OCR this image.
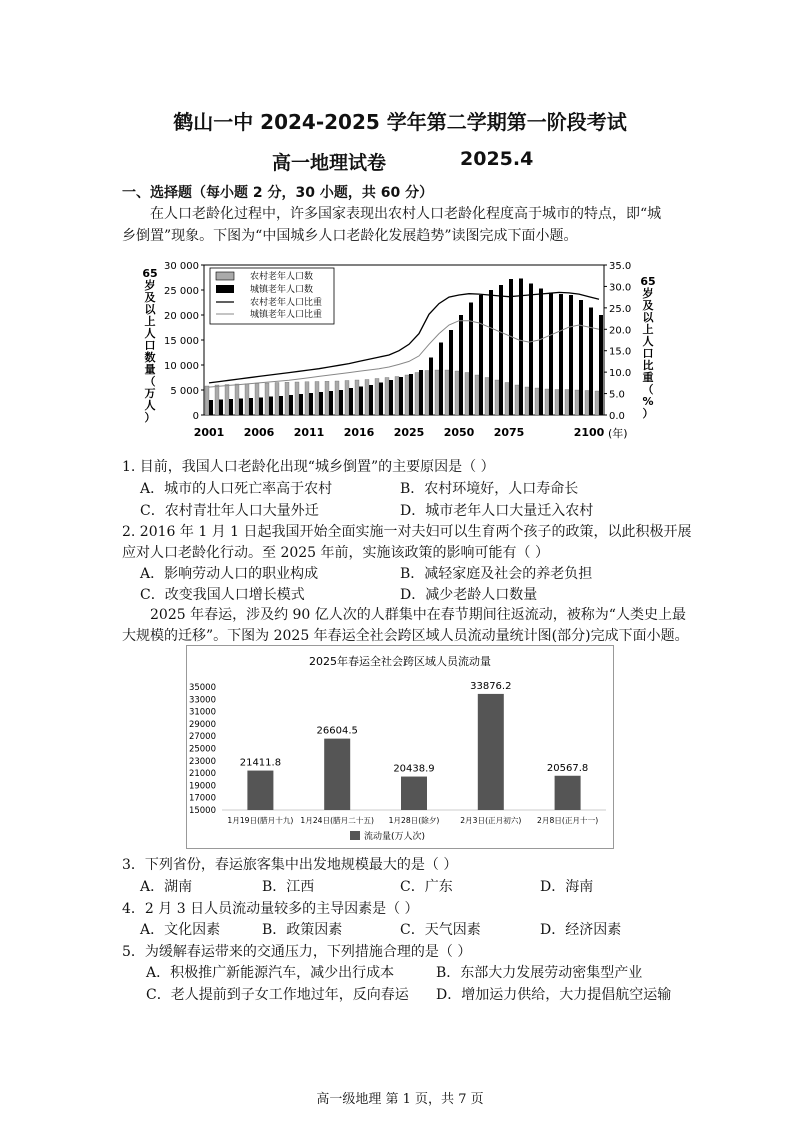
鹤山一中 2024-2025 学年第二学期第一阶段考试
高一地理试卷	2025.4
一、选择题（每小题 2 分，30 小题，共 60 分）
在人口老龄化过程中，许多国家表现出农村人口老龄化程度高于城市的特点，即“城
乡倒置”现象。下图为“中国城乡人口老龄化发展趋势”读图完成下面小题。
65
岁
及
以
上
人
口
数
量
（
万
人
）
65
岁
及
以
上
人
口
比
重
（
%
）
0
5 000
10 000
15 000
20 000
25 000
30 000
0.0
5.0
10.0
15.0
20.0
25.0
30.0
35.0
2001 2006 2011 2016 2025 2050 2075	2100
农村老年人口数
城镇老年人口数
农村老年人口比重
城镇老年人口比重
(年)
1. 目前，我国人口老龄化出现“城乡倒置”的主要原因是（ ）
A．城市的人口死亡率高于农村	B．农村环境好，人口寿命长
C．农村青壮年人口大量外迁	D．城市老年人口大量迁入农村
2. 2016 年 1 月 1 日起我国开始全面实施一对夫妇可以生育两个孩子的政策，以此积极开展
应对人口老龄化行动。至 2025 年前，实施该政策的影响可能有（ ）
A．影响劳动人口的职业构成	B．减轻家庭及社会的养老负担
C．改变我国人口增长模式	D．减少老龄人口数量
2025 年春运，涉及约 90 亿人次的人群集中在春节期间往返流动，被称为“人类史上最
大规模的迁移”。下图为 2025 年春运全社会跨区域人员流动量统计图(部分)完成下面小题。
2025年春运全社会跨区域人员流动量
15000
17000
19000
21000
23000
25000
27000
29000
31000
33000
35000
21411.8
1月19日(腊月十九)
26604.5
1月24日(腊月二十五)
20438.9
1月28日(除夕)
33876.2
2月3日(正月初六)
20567.8
2月8日(正月十一)
流动量(万人次)
3．下列省份，春运旅客集中出发地规模最大的是（ ）
A．湖南	B．江西	C．广东	D．海南
4．2 月 3 日人员流动量较多的主导因素是（ ）
A．文化因素	B．政策因素	C．天气因素	D．经济因素
5．为缓解春运带来的交通压力，下列措施合理的是（ ）
A．积极推广新能源汽车，减少出行成本	B．东部大力发展劳动密集型产业
C．老人提前到子女工作地过年，反向春运 D．增加运力供给，大力提倡航空运输
高一级地理 第 1 页，共 7 页
